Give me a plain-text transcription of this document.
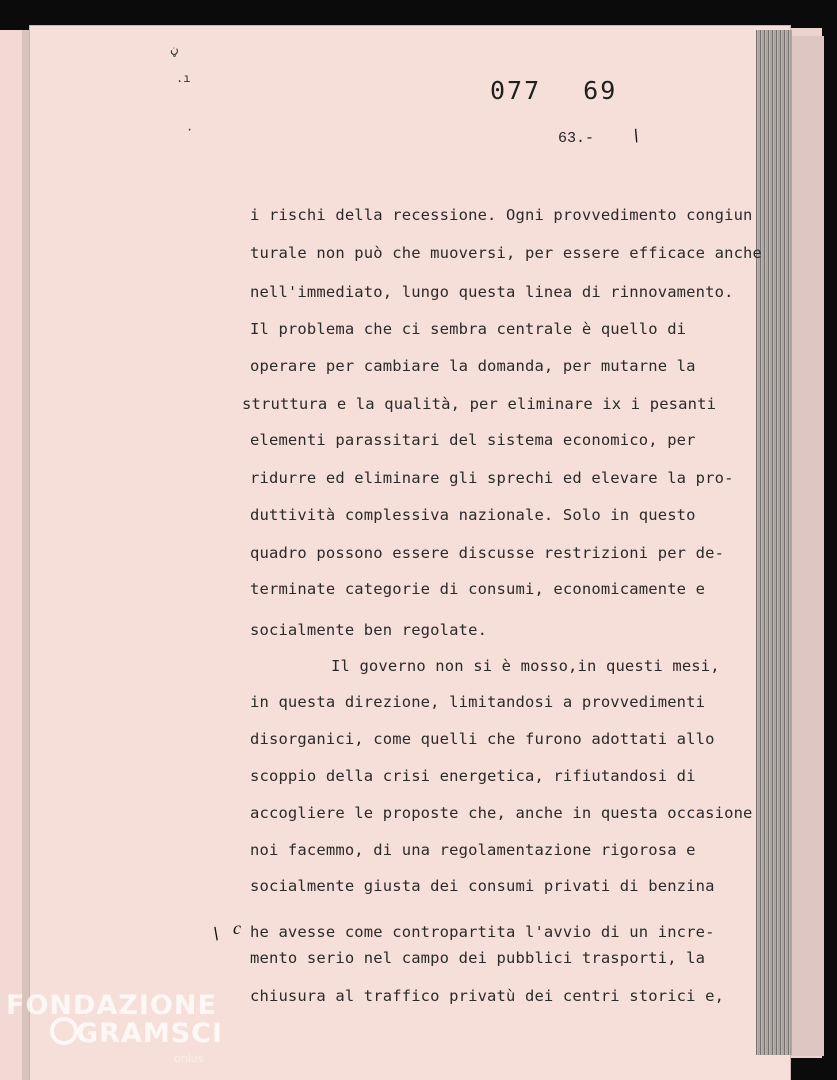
ڼ
.ı
·
077 69
63.- /
i rischi della recessione. Ogni provvedimento congiun
turale non può che muoversi, per essere efficace anche
nell'immediato, lungo questa linea di rinnovamento.
Il problema che ci sembra centrale è quello di
operare per cambiare la domanda, per mutarne la
struttura e la qualità, per eliminare ix i pesanti
elementi parassitari del sistema economico, per
ridurre ed eliminare gli sprechi ed elevare la pro-
duttività complessiva nazionale. Solo in questo
quadro possono essere discusse restrizioni per de-
terminate categorie di consumi, economicamente e
socialmente ben regolate.
Il governo non si è mosso,in questi mesi,
in questa direzione, limitandosi a provvedimenti
disorganici, come quelli che furono adottati allo
scoppio della crisi energetica, rifiutandosi di
accogliere le proposte che, anche in questa occasione
noi facemmo, di una regolamentazione rigorosa e
socialmente giusta dei consumi privati di benzina
he avesse come contropartita l'avvio di un incre-
mento serio nel campo dei pubblici trasporti, la
chiusura al traffico privatù dei centri storici e,
/ c
FONDAZIONE
GRAMSCI
onlus
